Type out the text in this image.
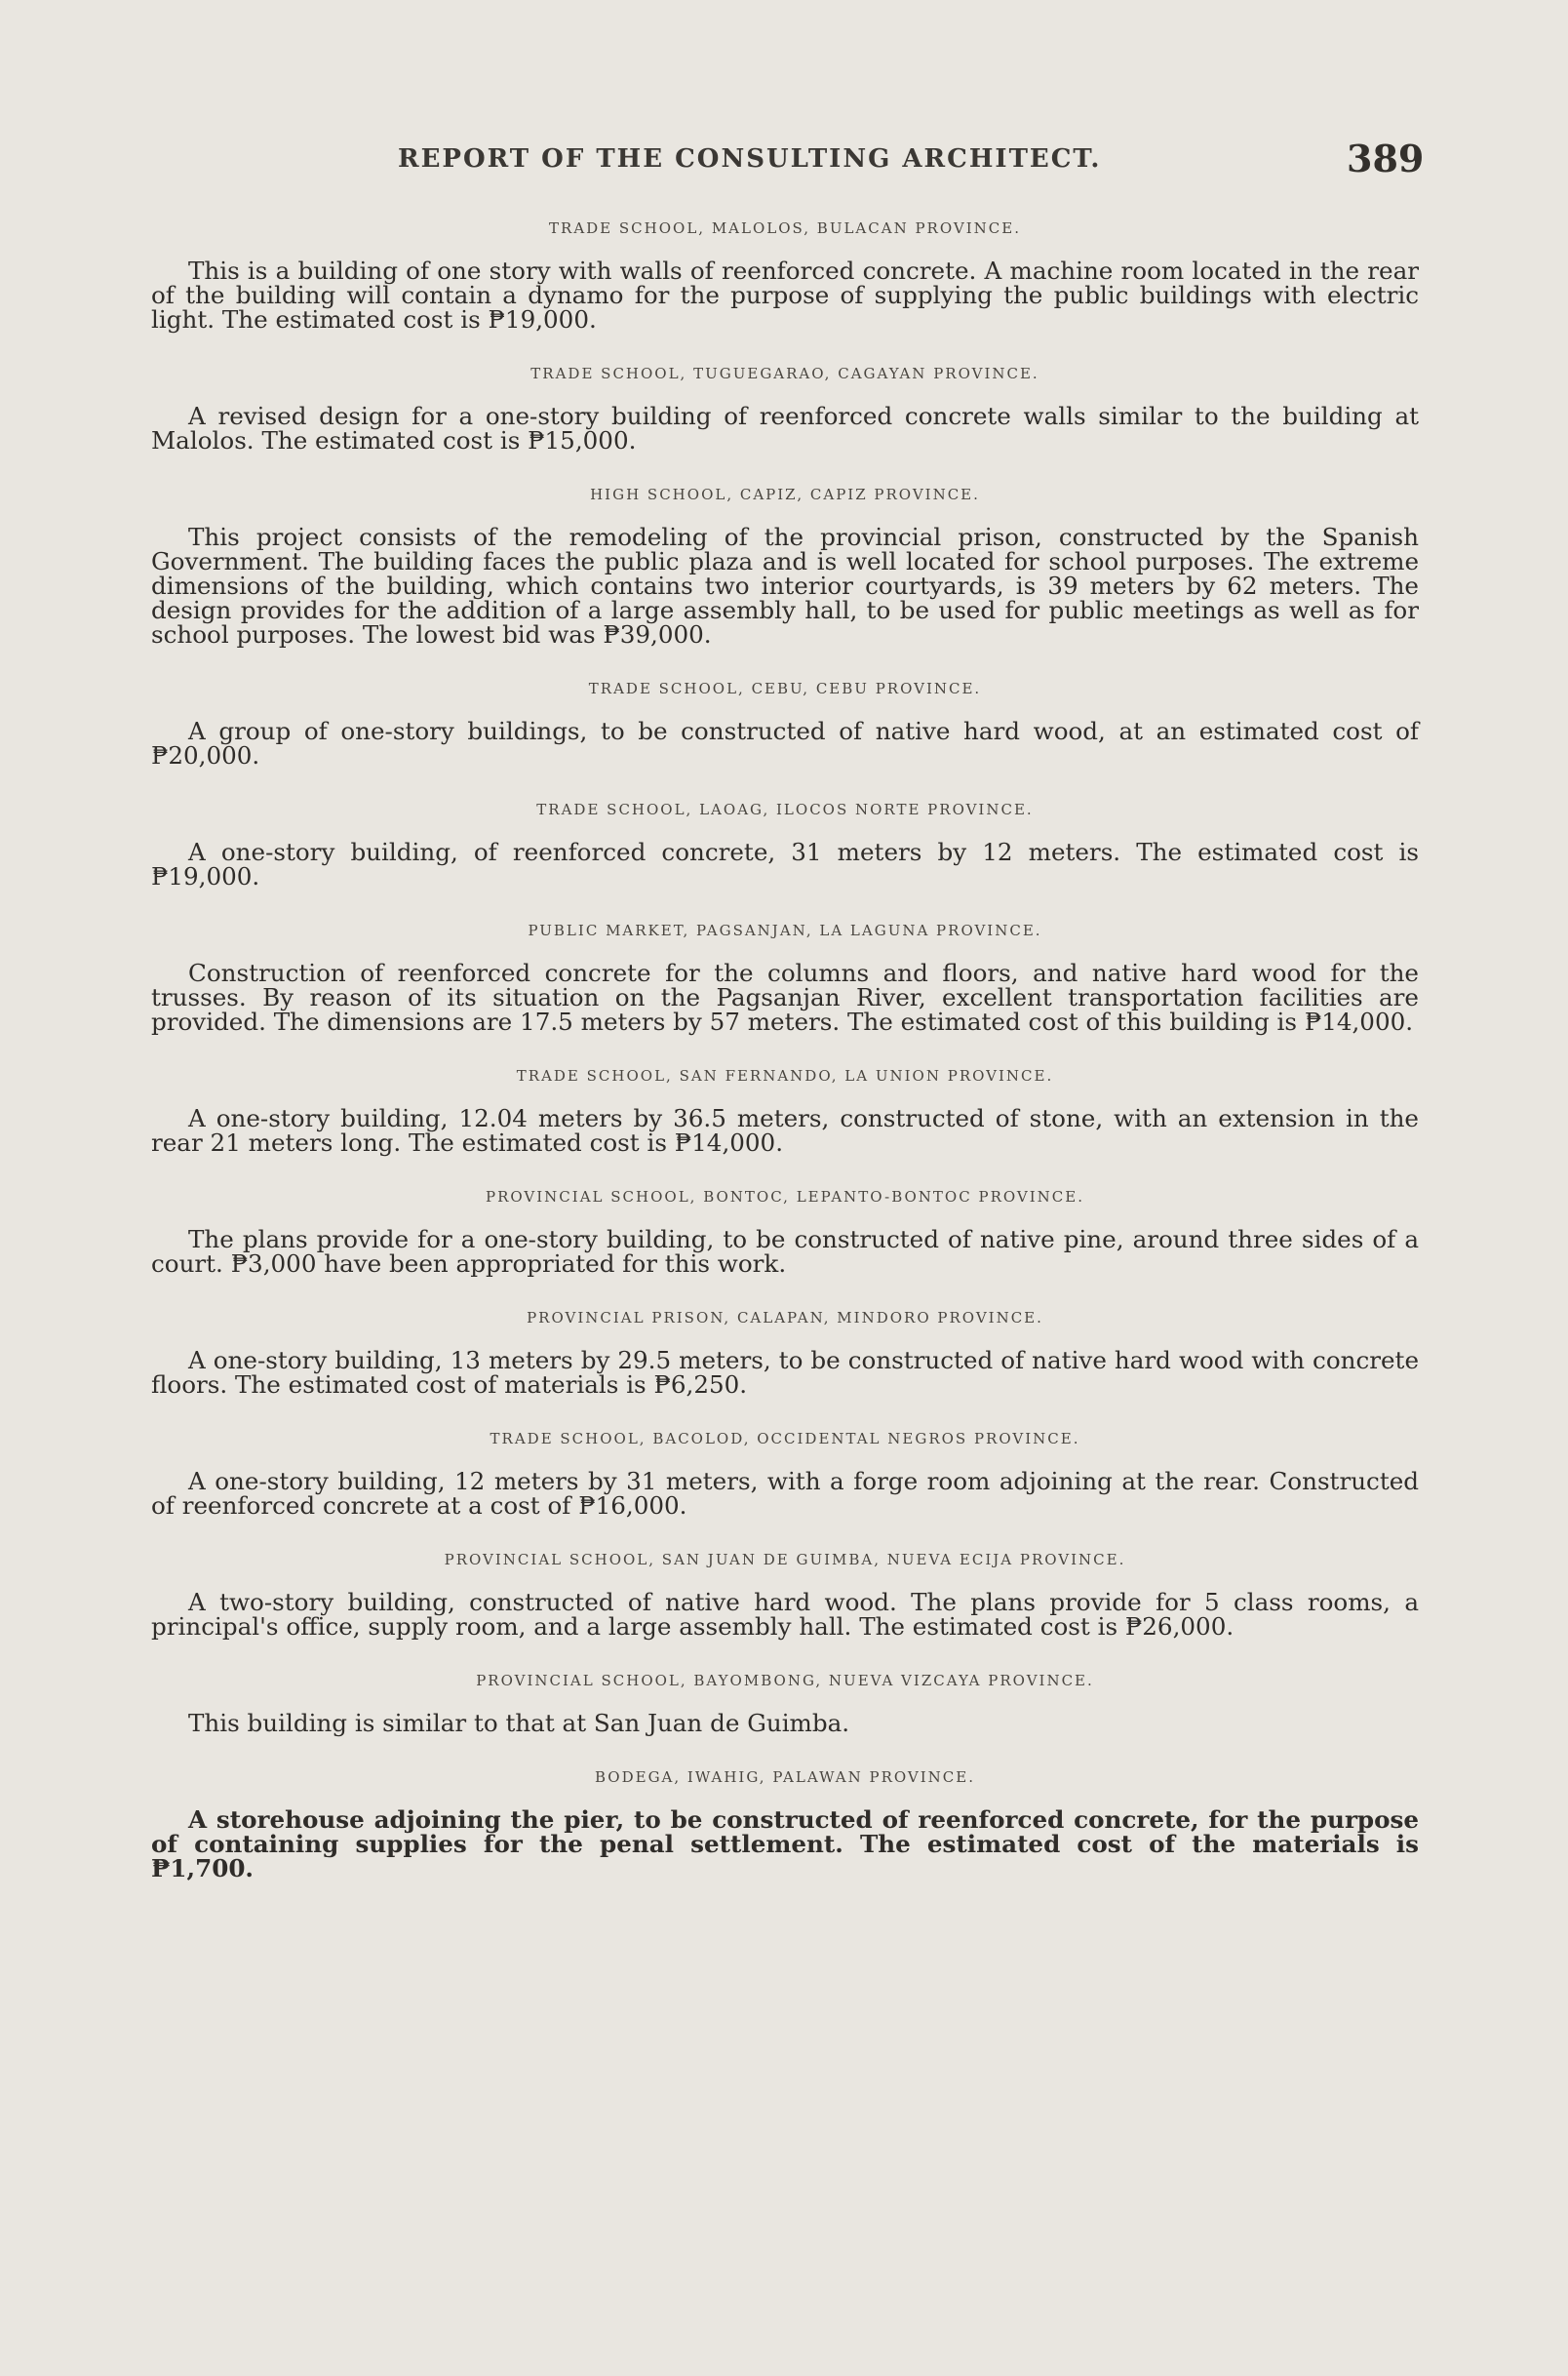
REPORT OF THE CONSULTING ARCHITECT.	389
TRADE SCHOOL, MALOLOS, BULACAN PROVINCE.

This is a building of one story with walls of reenforced concrete. A machine room located in the rear of the building will contain a dynamo for the purpose of supplying the public buildings with electric light. The estimated cost is ₱19,000.

TRADE SCHOOL, TUGUEGARAO, CAGAYAN PROVINCE.

A revised design for a one-story building of reenforced concrete walls similar to the building at Malolos. The estimated cost is ₱15,000.

HIGH SCHOOL, CAPIZ, CAPIZ PROVINCE.

This project consists of the remodeling of the provincial prison, constructed by the Spanish Government. The building faces the public plaza and is well located for school purposes. The extreme dimensions of the building, which contains two interior courtyards, is 39 meters by 62 meters. The design provides for the addition of a large assembly hall, to be used for public meetings as well as for school purposes. The lowest bid was ₱39,000.

TRADE SCHOOL, CEBU, CEBU PROVINCE.

A group of one-story buildings, to be constructed of native hard wood, at an estimated cost of ₱20,000.

TRADE SCHOOL, LAOAG, ILOCOS NORTE PROVINCE.

A one-story building, of reenforced concrete, 31 meters by 12 meters. The estimated cost is ₱19,000.

PUBLIC MARKET, PAGSANJAN, LA LAGUNA PROVINCE.

Construction of reenforced concrete for the columns and floors, and native hard wood for the trusses. By reason of its situation on the Pagsanjan River, excellent transportation facilities are provided. The dimensions are 17.5 meters by 57 meters. The estimated cost of this building is ₱14,000.

TRADE SCHOOL, SAN FERNANDO, LA UNION PROVINCE.

A one-story building, 12.04 meters by 36.5 meters, constructed of stone, with an extension in the rear 21 meters long. The estimated cost is ₱14,000.

PROVINCIAL SCHOOL, BONTOC, LEPANTO-BONTOC PROVINCE.

The plans provide for a one-story building, to be constructed of native pine, around three sides of a court. ₱3,000 have been appropriated for this work.

PROVINCIAL PRISON, CALAPAN, MINDORO PROVINCE.

A one-story building, 13 meters by 29.5 meters, to be constructed of native hard wood with concrete floors. The estimated cost of materials is ₱6,250.

TRADE SCHOOL, BACOLOD, OCCIDENTAL NEGROS PROVINCE.

A one-story building, 12 meters by 31 meters, with a forge room adjoining at the rear. Constructed of reenforced concrete at a cost of ₱16,000.

PROVINCIAL SCHOOL, SAN JUAN DE GUIMBA, NUEVA ECIJA PROVINCE.

A two-story building, constructed of native hard wood. The plans provide for 5 class rooms, a principal's office, supply room, and a large assembly hall. The estimated cost is ₱26,000.

PROVINCIAL SCHOOL, BAYOMBONG, NUEVA VIZCAYA PROVINCE.

This building is similar to that at San Juan de Guimba.

BODEGA, IWAHIG, PALAWAN PROVINCE.

A storehouse adjoining the pier, to be constructed of reenforced concrete, for the purpose of containing supplies for the penal settlement. The estimated cost of the materials is ₱1,700.
